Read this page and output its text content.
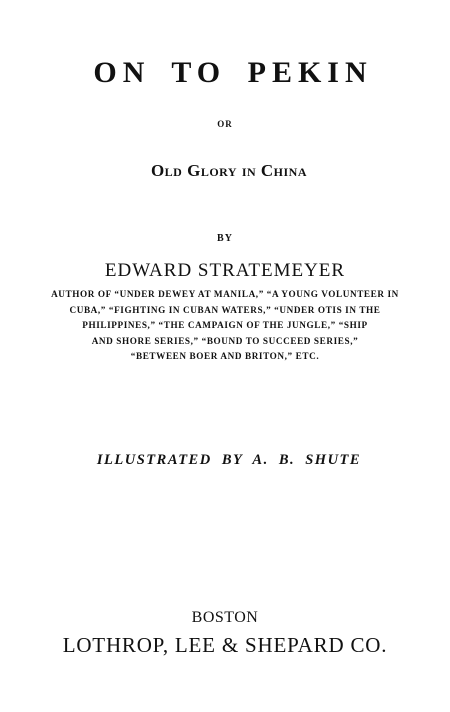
ON TO PEKIN

OR

Old Glory in China

BY

EDWARD STRATEMEYER

AUTHOR OF “UNDER DEWEY AT MANILA,” “A YOUNG VOLUNTEER IN
CUBA,” “FIGHTING IN CUBAN WATERS,” “UNDER OTIS IN THE
PHILIPPINES,” “THE CAMPAIGN OF THE JUNGLE,” “SHIP
AND SHORE SERIES,” “BOUND TO SUCCEED SERIES,”
“BETWEEN BOER AND BRITON,” ETC.

ILLUSTRATED BY A. B. SHUTE

BOSTON

LOTHROP, LEE & SHEPARD CO.
